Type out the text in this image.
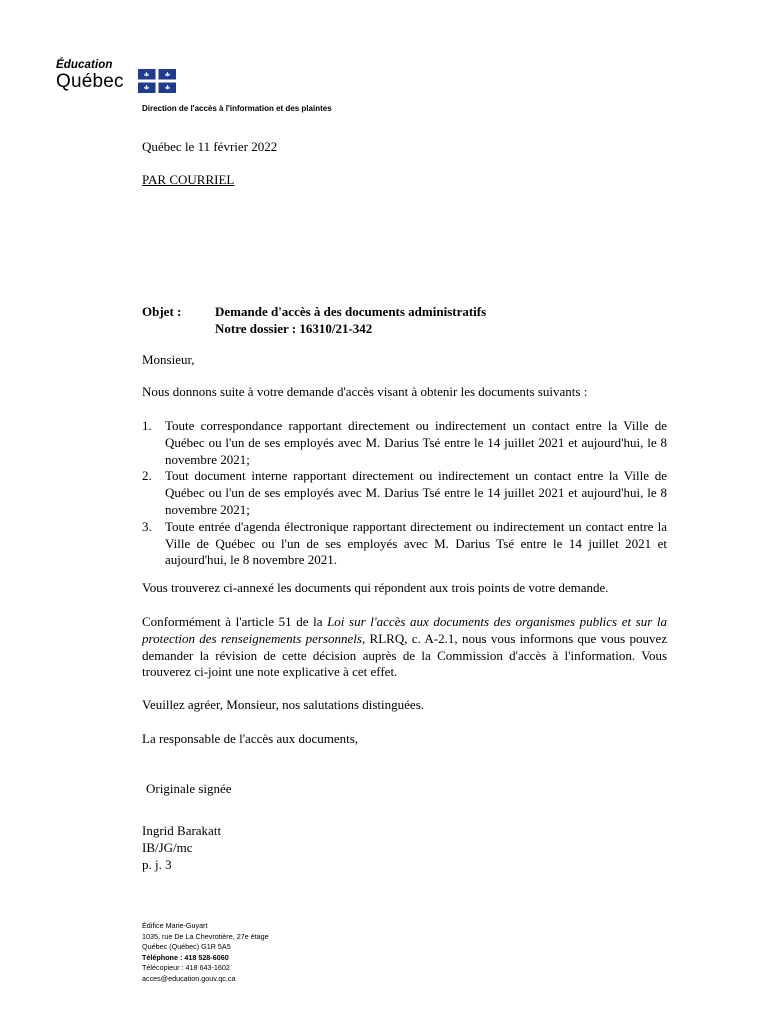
Éducation
Québec
Direction de l'accès à l'information et des plaintes
Québec le 11 février 2022
PAR COURRIEL
Objet :	Demande d'accès à des documents administratifs
Notre dossier : 16310/21-342
Monsieur,
Nous donnons suite à votre demande d'accès visant à obtenir les documents suivants :
1. Toute correspondance rapportant directement ou indirectement un contact entre la Ville de Québec ou l'un de ses employés avec M. Darius Tsé entre le 14 juillet 2021 et aujourd'hui, le 8 novembre 2021;
2. Tout document interne rapportant directement ou indirectement un contact entre la Ville de Québec ou l'un de ses employés avec M. Darius Tsé entre le 14 juillet 2021 et aujourd'hui, le 8 novembre 2021;
3. Toute entrée d'agenda électronique rapportant directement ou indirectement un contact entre la Ville de Québec ou l'un de ses employés avec M. Darius Tsé entre le 14 juillet 2021 et aujourd'hui, le 8 novembre 2021.
Vous trouverez ci-annexé les documents qui répondent aux trois points de votre demande.
Conformément à l'article 51 de la Loi sur l'accès aux documents des organismes publics et sur la protection des renseignements personnels, RLRQ, c. A-2.1, nous vous informons que vous pouvez demander la révision de cette décision auprès de la Commission d'accès à l'information. Vous trouverez ci-joint une note explicative à cet effet.
Veuillez agréer, Monsieur, nos salutations distinguées.
La responsable de l'accès aux documents,
Originale signée
Ingrid Barakatt
IB/JG/mc
p. j. 3
Édifice Marie-Guyart
1035, rue De La Chevrotière, 27e étage
Québec (Québec) G1R 5A5
Téléphone : 418 528-6060
Télécopieur : 418 643-1602
acces@education.gouv.qc.ca
